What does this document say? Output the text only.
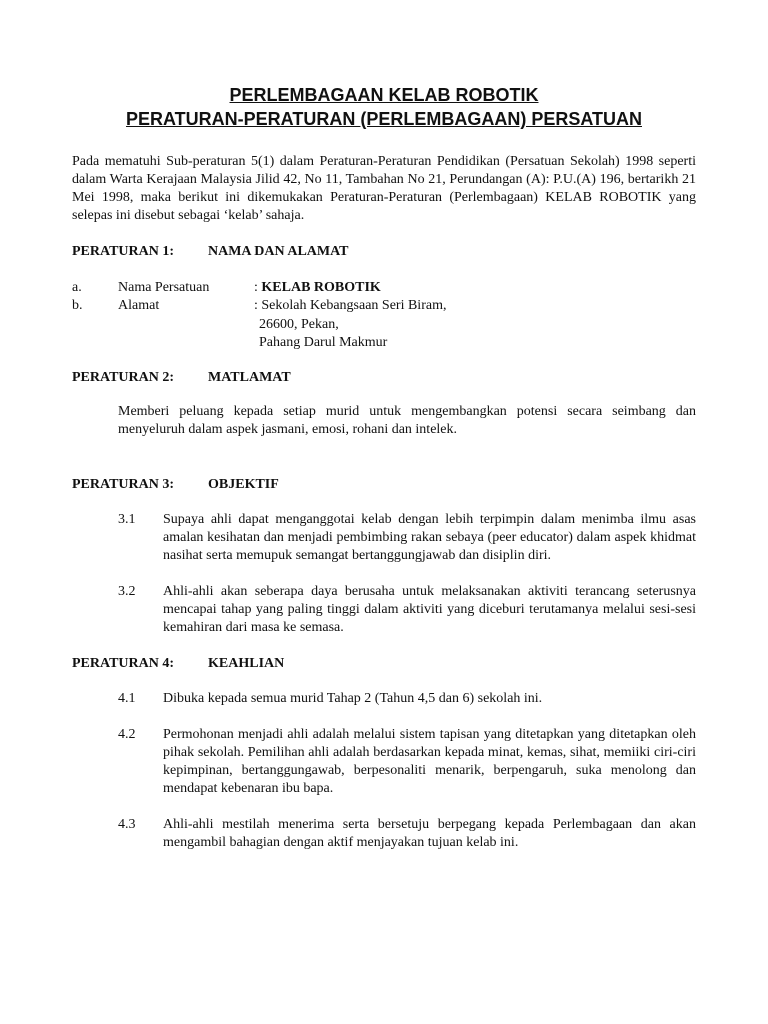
PERLEMBAGAAN KELAB ROBOTIK
PERATURAN-PERATURAN (PERLEMBAGAAN) PERSATUAN
Pada mematuhi Sub-peraturan 5(1) dalam Peraturan-Peraturan Pendidikan (Persatuan Sekolah) 1998 seperti dalam Warta Kerajaan Malaysia Jilid 42, No 11, Tambahan No 21, Perundangan (A): P.U.(A) 196, bertarikh 21 Mei 1998, maka berikut ini dikemukakan Peraturan-Peraturan (Perlembagaan) KELAB ROBOTIK yang selepas ini disebut sebagai ‘kelab’ sahaja.
PERATURAN 1: NAMA DAN ALAMAT
a.	Nama Persatuan	: KELAB ROBOTIK
b.	Alamat	: Sekolah Kebangsaan Seri Biram,
26600, Pekan,
Pahang Darul Makmur
PERATURAN 2: MATLAMAT
Memberi peluang kepada setiap murid untuk mengembangkan potensi secara seimbang dan menyeluruh dalam aspek jasmani, emosi, rohani dan intelek.
PERATURAN 3: OBJEKTIF
3.1 Supaya ahli dapat menganggotai kelab dengan lebih terpimpin dalam menimba ilmu asas amalan kesihatan dan menjadi pembimbing rakan sebaya (peer educator) dalam aspek khidmat nasihat serta memupuk semangat bertanggungjawab dan disiplin diri.
3.2 Ahli-ahli akan seberapa daya berusaha untuk melaksanakan aktiviti terancang seterusnya mencapai tahap yang paling tinggi dalam aktiviti yang diceburi terutamanya melalui sesi-sesi kemahiran dari masa ke semasa.
PERATURAN 4: KEAHLIAN
4.1 Dibuka kepada semua murid Tahap 2 (Tahun 4,5 dan 6) sekolah ini.
4.2 Permohonan menjadi ahli adalah melalui sistem tapisan yang ditetapkan yang ditetapkan oleh pihak sekolah. Pemilihan ahli adalah berdasarkan kepada minat, kemas, sihat, memiiki ciri-ciri kepimpinan, bertanggungawab, berpesonaliti menarik, berpengaruh, suka menolong dan mendapat kebenaran ibu bapa.
4.3 Ahli-ahli mestilah menerima serta bersetuju berpegang kepada Perlembagaan dan akan mengambil bahagian dengan aktif menjayakan tujuan kelab ini.
